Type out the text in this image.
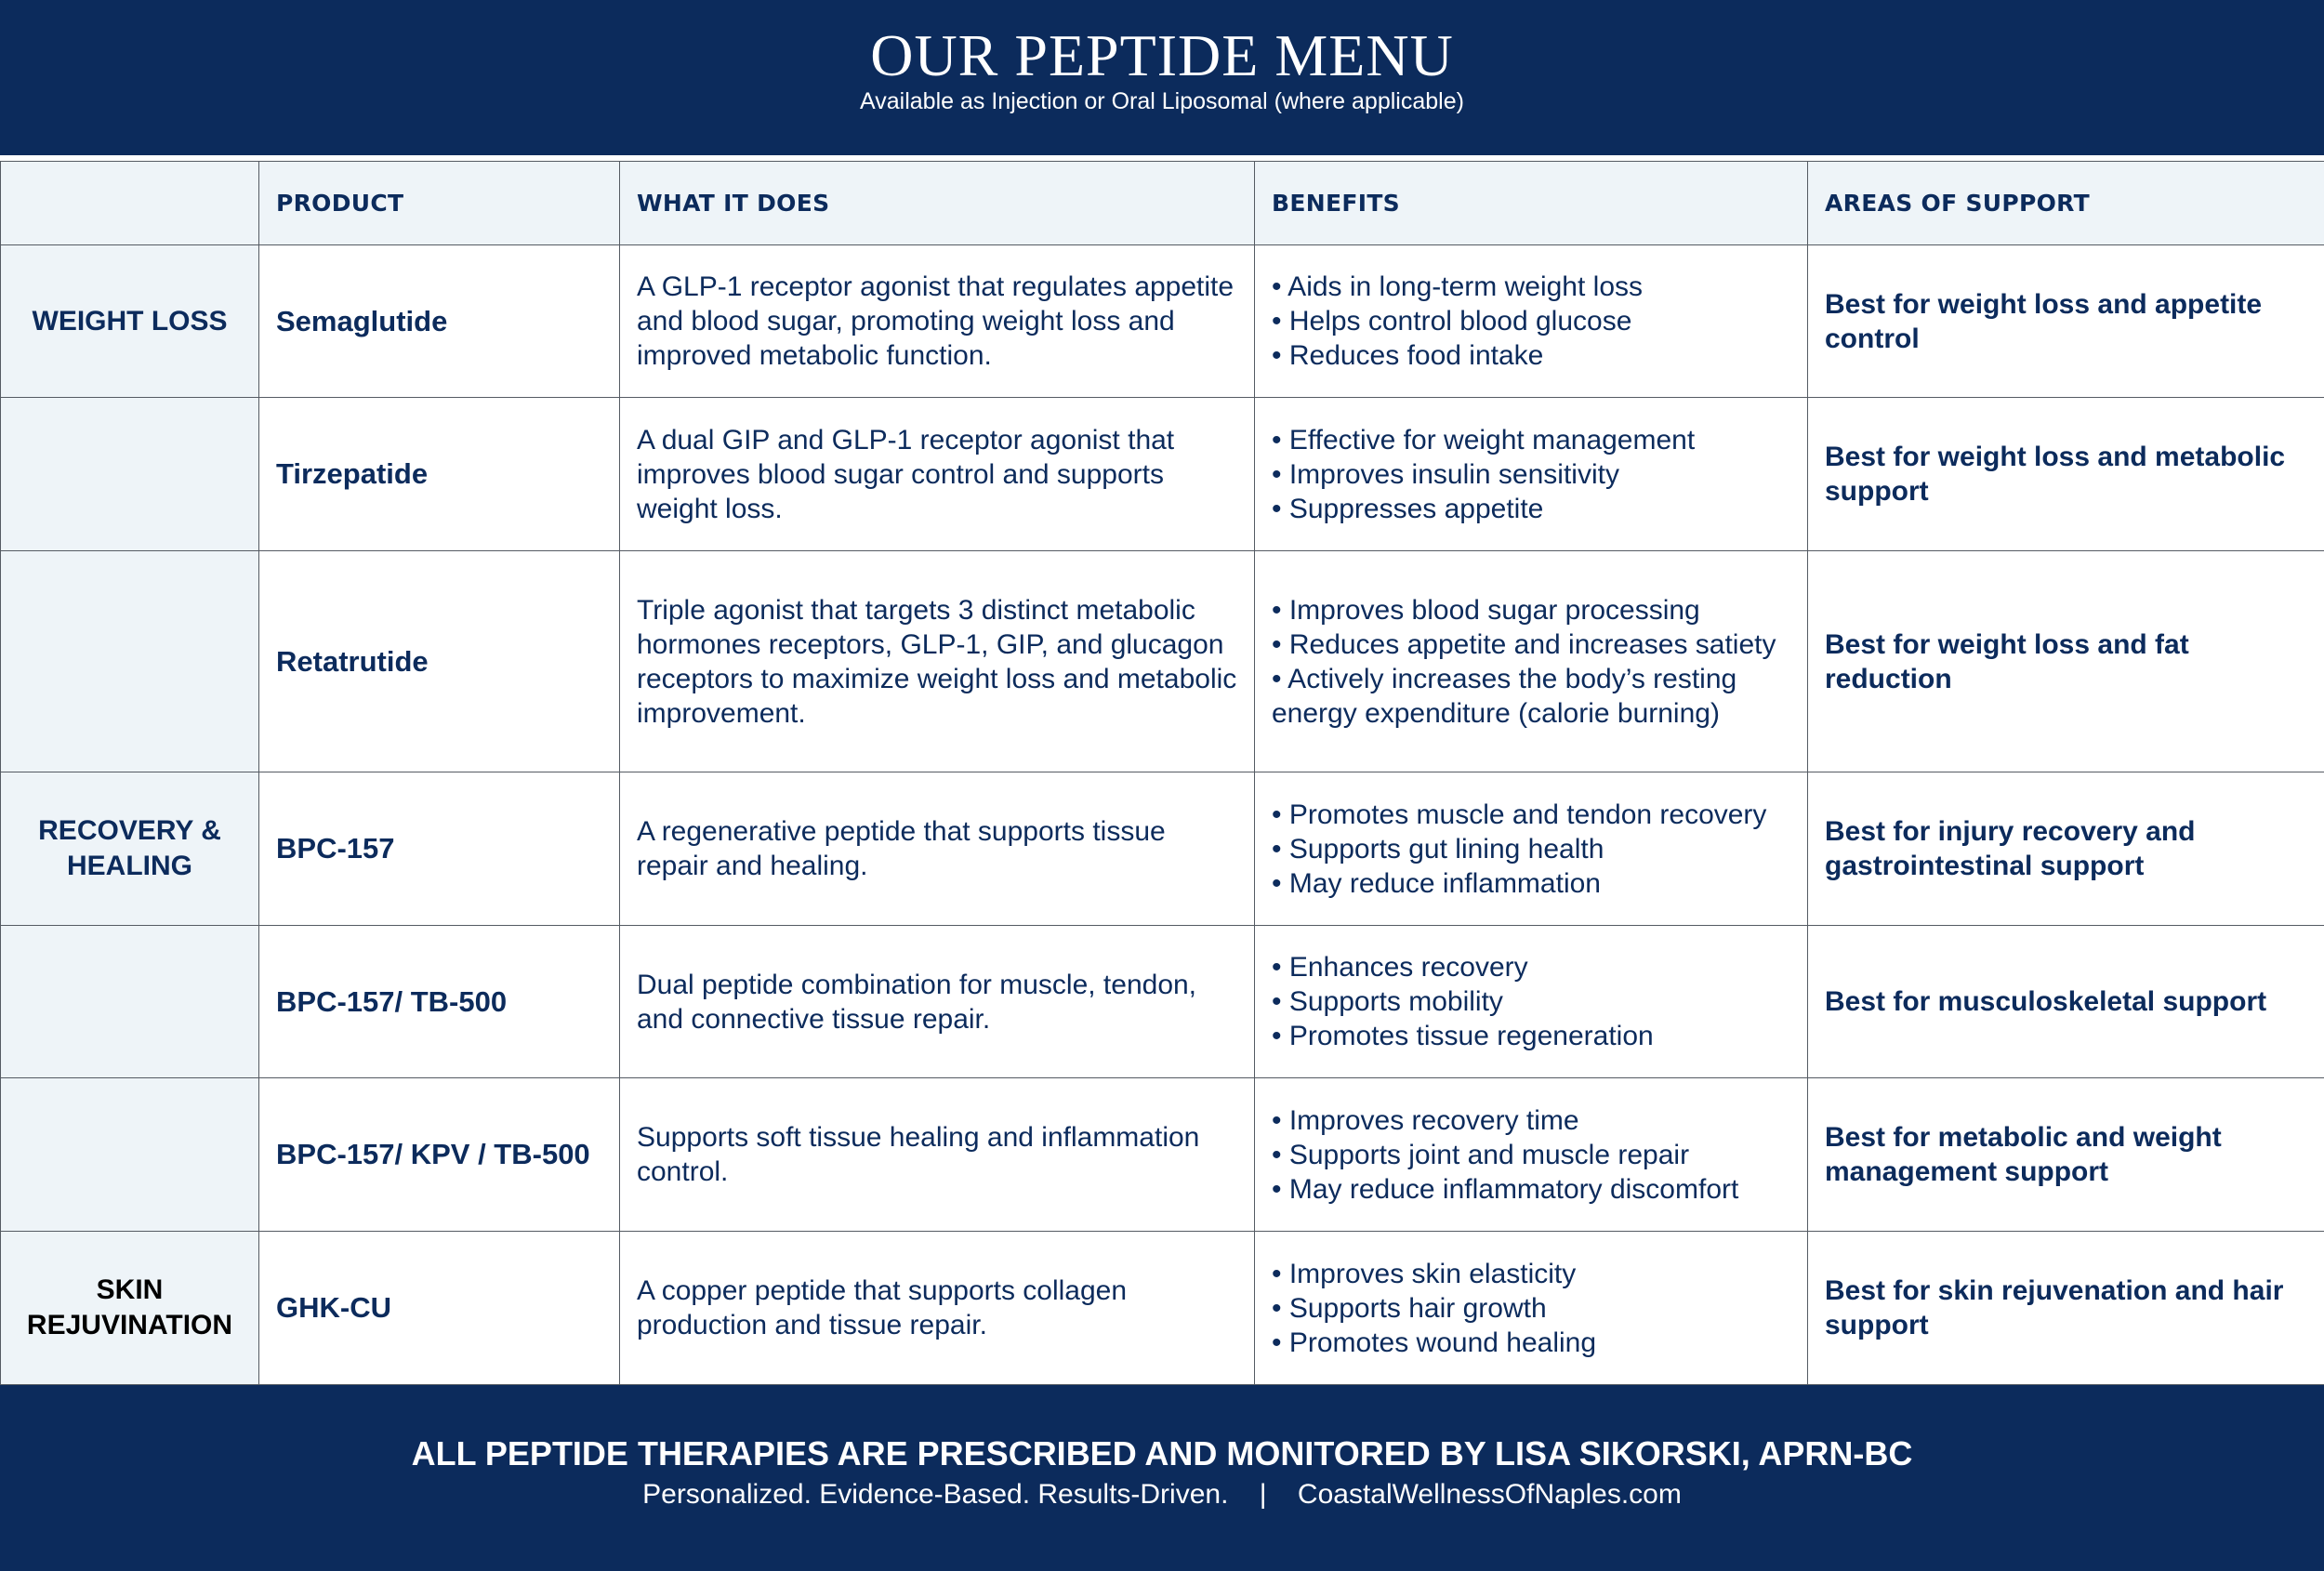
OUR PEPTIDE MENU
Available as Injection or Oral Liposomal (where applicable)
	PRODUCT	WHAT IT DOES	BENEFITS	AREAS OF SUPPORT
WEIGHT LOSS	Semaglutide	A GLP-1 receptor agonist that regulates appetite and blood sugar, promoting weight loss and improved metabolic function.	• Aids in long-term weight loss
• Helps control blood glucose
• Reduces food intake	Best for weight loss and appetite control
	Tirzepatide	A dual GIP and GLP-1 receptor agonist that improves blood sugar control and supports weight loss.	• Effective for weight management
• Improves insulin sensitivity
• Suppresses appetite	Best for weight loss and metabolic support
	Retatrutide	Triple agonist that targets 3 distinct metabolic hormones receptors, GLP-1, GIP, and glucagon receptors to maximize weight loss and metabolic improvement.	• Improves blood sugar processing
• Reduces appetite and increases satiety
• Actively increases the body’s resting energy expenditure (calorie burning)	Best for weight loss and fat reduction
RECOVERY & HEALING	BPC-157	A regenerative peptide that supports tissue repair and healing.	• Promotes muscle and tendon recovery
• Supports gut lining health
• May reduce inflammation	Best for injury recovery and gastrointestinal support
	BPC-157/ TB-500	Dual peptide combination for muscle, tendon, and connective tissue repair.	• Enhances recovery
• Supports mobility
• Promotes tissue regeneration	Best for musculoskeletal support
	BPC-157/ KPV / TB-500	Supports soft tissue healing and inflammation control.	• Improves recovery time
• Supports joint and muscle repair
• May reduce inflammatory discomfort	Best for metabolic and weight management support
SKIN REJUVINATION	GHK-CU	A copper peptide that supports collagen production and tissue repair.	• Improves skin elasticity
• Supports hair growth
• Promotes wound healing	Best for skin rejuvenation and hair support
ALL PEPTIDE THERAPIES ARE PRESCRIBED AND MONITORED BY LISA SIKORSKI, APRN-BC
Personalized. Evidence-Based. Results-Driven. | CoastalWellnessOfNaples.com
